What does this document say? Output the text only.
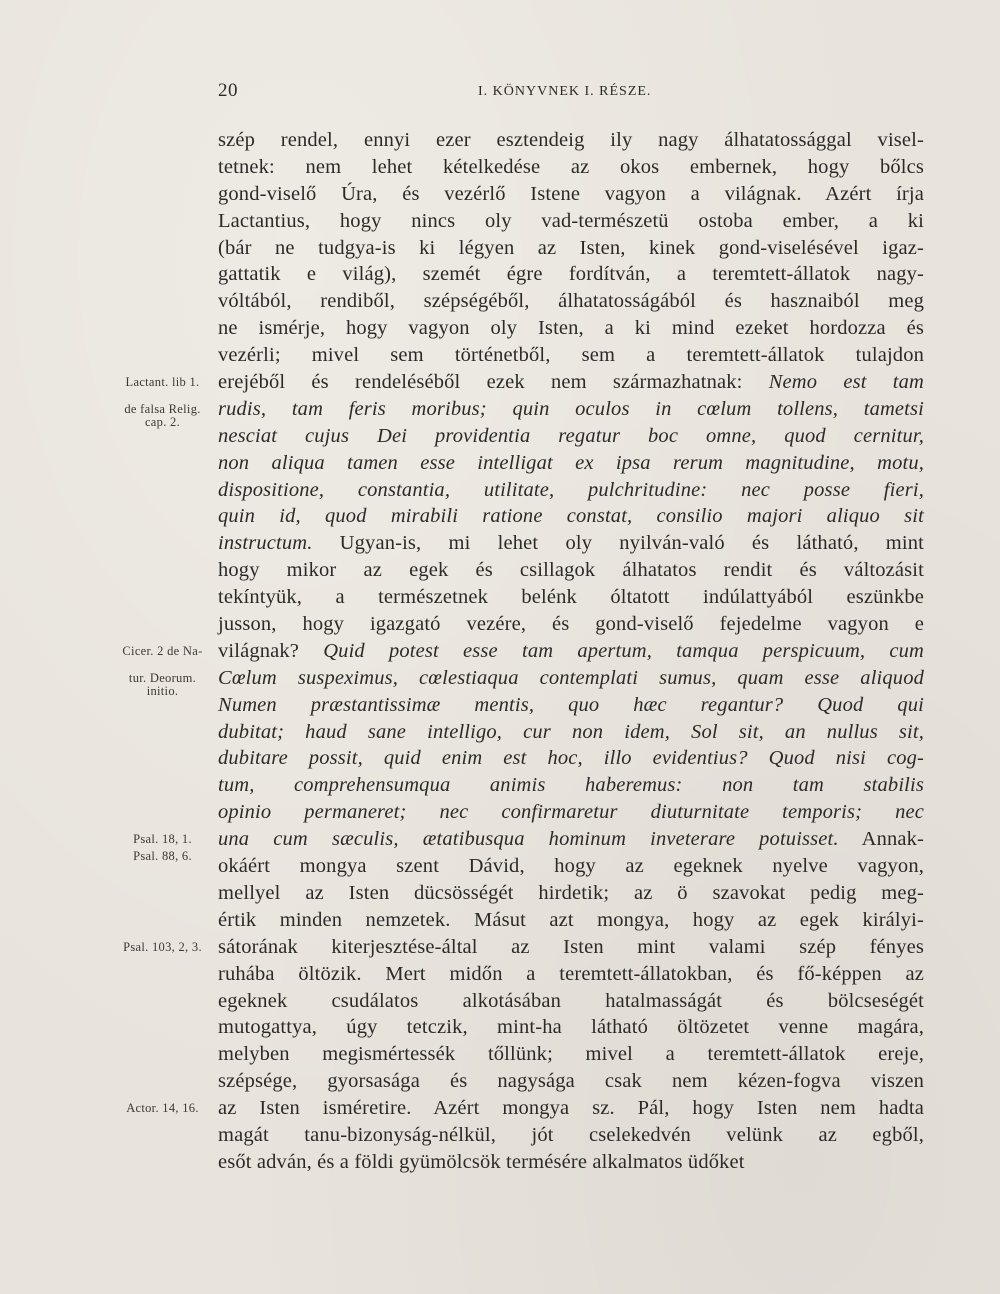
20	I. KÖNYVNEK I. RÉSZE.
szép rendel, ennyi ezer esztendeig ily nagy álhatatossággal visel-
tetnek: nem lehet kételkedése az okos embernek, hogy bőlcs
gond-viselő Úra, és vezérlő Istene vagyon a világnak. Azért írja
Lactantius, hogy nincs oly vad-természetü ostoba ember, a ki
(bár ne tudgya-is ki légyen az Isten, kinek gond-viselésével igaz-
gattatik e világ), szemét égre fordítván, a teremtett-állatok nagy-
vóltából, rendiből, szépségéből, álhatatosságából és hasznaiból meg
ne ismérje, hogy vagyon oly Isten, a ki mind ezeket hordozza és
vezérli; mivel sem történetből, sem a teremtett-állatok tulajdon
erejéből és rendeléséből ezek nem származhatnak: Nemo est tam
rudis, tam feris moribus; quin oculos in cœlum tollens, tametsi
nesciat cujus Dei providentia regatur boc omne, quod cernitur,
non aliqua tamen esse intelligat ex ipsa rerum magnitudine, motu,
dispositione, constantia, utilitate, pulchritudine: nec posse fieri,
quin id, quod mirabili ratione constat, consilio majori aliquo sit
instructum. Ugyan-is, mi lehet oly nyilván-való és látható, mint
hogy mikor az egek és csillagok álhatatos rendit és változásit
tekíntyük, a természetnek belénk óltatott indúlattyából eszünkbe
jusson, hogy igazgató vezére, és gond-viselő fejedelme vagyon e
világnak? Quid potest esse tam apertum, tamqua perspicuum, cum
Cœlum suspeximus, cœlestiaqua contemplati sumus, quam esse aliquod
Numen præstantissimæ mentis, quo hæc regantur? Quod qui
dubitat; haud sane intelligo, cur non idem, Sol sit, an nullus sit,
dubitare possit, quid enim est hoc, illo evidentius? Quod nisi cog-
tum, comprehensumqua animis haberemus: non tam stabilis
opinio permaneret; nec confirmaretur diuturnitate temporis; nec
una cum sæculis, ætatibusqua hominum inveterare potuisset. Annak-
okáért mongya szent Dávid, hogy az egeknek nyelve vagyon,
mellyel az Isten dücsösségét hirdetik; az ö szavokat pedig meg-
értik minden nemzetek. Másut azt mongya, hogy az egek királyi-
sátorának kiterjesztése-által az Isten mint valami szép fényes
ruhába öltözik. Mert midőn a teremtett-állatokban, és fő-képpen az
egeknek csudálatos alkotásában hatalmasságát és bölcseségét
mutogattya, úgy tetczik, mint-ha látható öltözetet venne magára,
melyben megismértessék tőllünk; mivel a teremtett-állatok ereje,
szépsége, gyorsasága és nagysága csak nem kézen-fogva viszen
az Isten isméretire. Azért mongya sz. Pál, hogy Isten nem hadta
magát tanu-bizonyság-nélkül, jót cselekedvén velünk az egből,
esőt adván, és a földi gyümölcsök termésére alkalmatos üdőket
Lactant. lib 1.
de falsa Relig.
cap. 2.
Cicer. 2 de Na-
tur. Deorum.
initio.
Psal. 18, 1.
Psal. 88, 6.
Psal. 103, 2, 3.
Actor. 14, 16.
